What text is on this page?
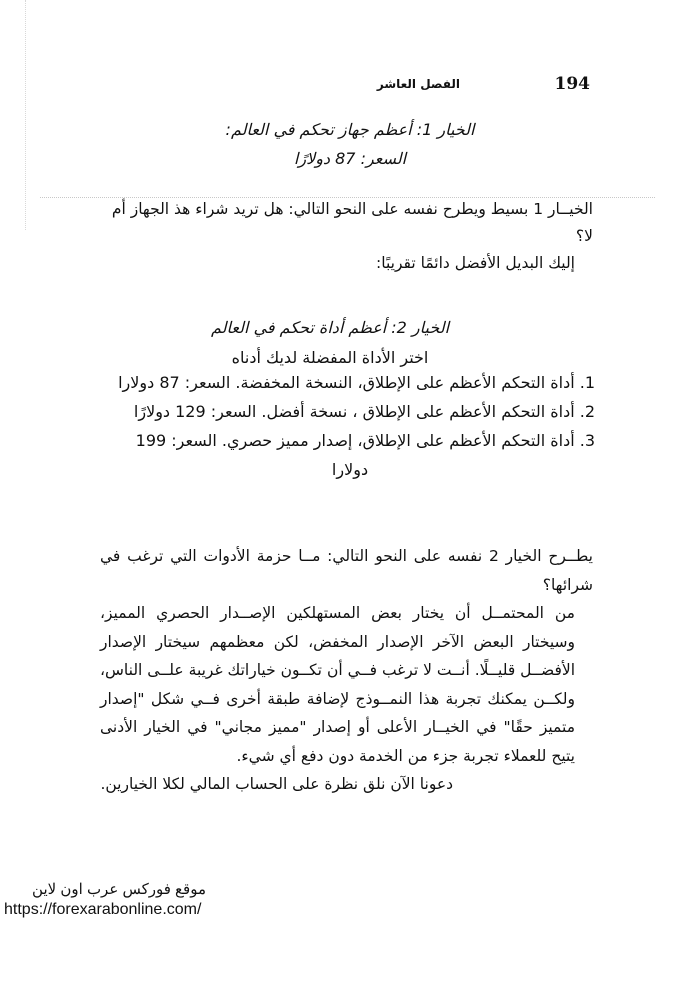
الفصل العاشر	194
الخيار 1: أعظم جهاز تحكم في العالم:
السعر: 87 دولارًا
الخيــار 1 بسيط ويطرح نفسه على النحو التالي: هل تريد شراء هذ الجهاز أم لا؟
إليك البديل الأفضل دائمًا تقريبًا:
الخيار 2: أعظم أداة تحكم في العالم
اختر الأداة المفضلة لديك أدناه
1. أداة التحكم الأعظم على الإطلاق، النسخة المخفضة. السعر: 87 دولارا
2. أداة التحكم الأعظم على الإطلاق ، نسخة أفضل. السعر: 129 دولارًا
3. أداة التحكم الأعظم على الإطلاق، إصدار مميز حصري. السعر: 199
دولارا
يطــرح الخيار 2 نفسه على النحو التالي: مــا حزمة الأدوات التي ترغب في شرائها؟
من المحتمــل أن يختار بعض المستهلكين الإصــدار الحصري المميز، وسيختار البعض الآخر الإصدار المخفض، لكن معظمهم سيختار الإصدار الأفضــل قليــلًا. أنــت لا ترغب فــي أن تكــون خياراتك غريبة علــى الناس، ولكــن يمكنك تجربة هذا النمــوذج لإضافة طبقة أخرى فــي شكل "إصدار متميز حقًا" في الخيــار الأعلى أو إصدار "مميز مجاني" في الخيار الأدنى يتيح للعملاء تجربة جزء من الخدمة دون دفع أي شيء.
دعونا الآن نلق نظرة على الحساب المالي لكلا الخيارين.
موقع فوركس عرب اون لاين
https://forexarabonline.com/
